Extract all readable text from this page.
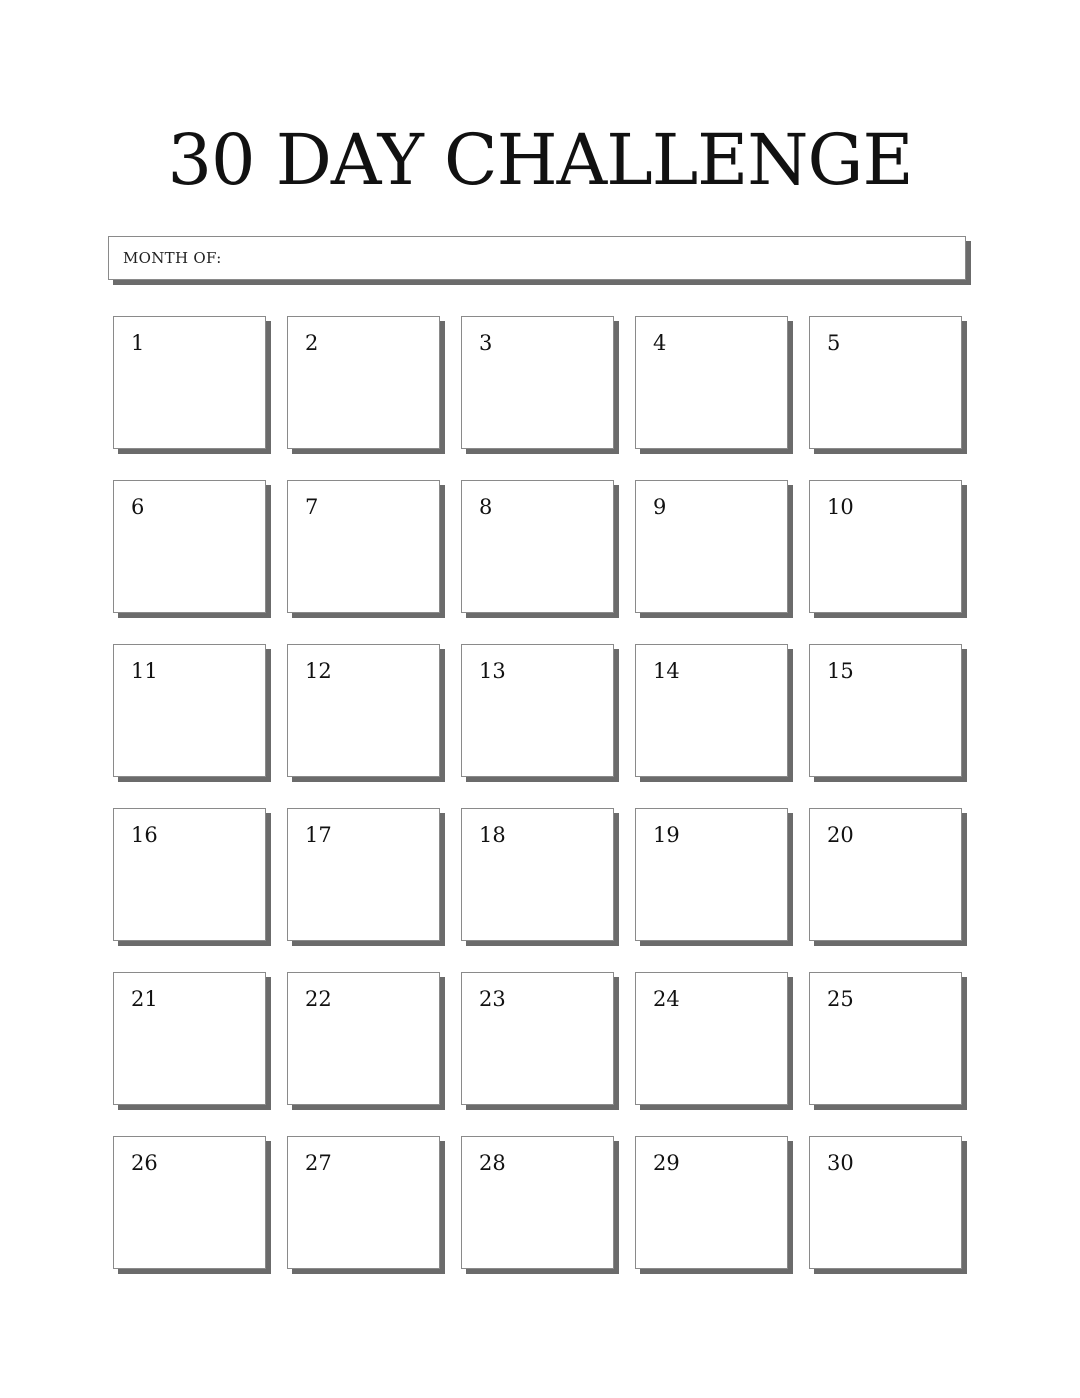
30 DAY CHALLENGE
MONTH OF:
1	2	3	4	5
6	7	8	9	10
11	12	13	14	15
16	17	18	19	20
21	22	23	24	25
26	27	28	29	30
